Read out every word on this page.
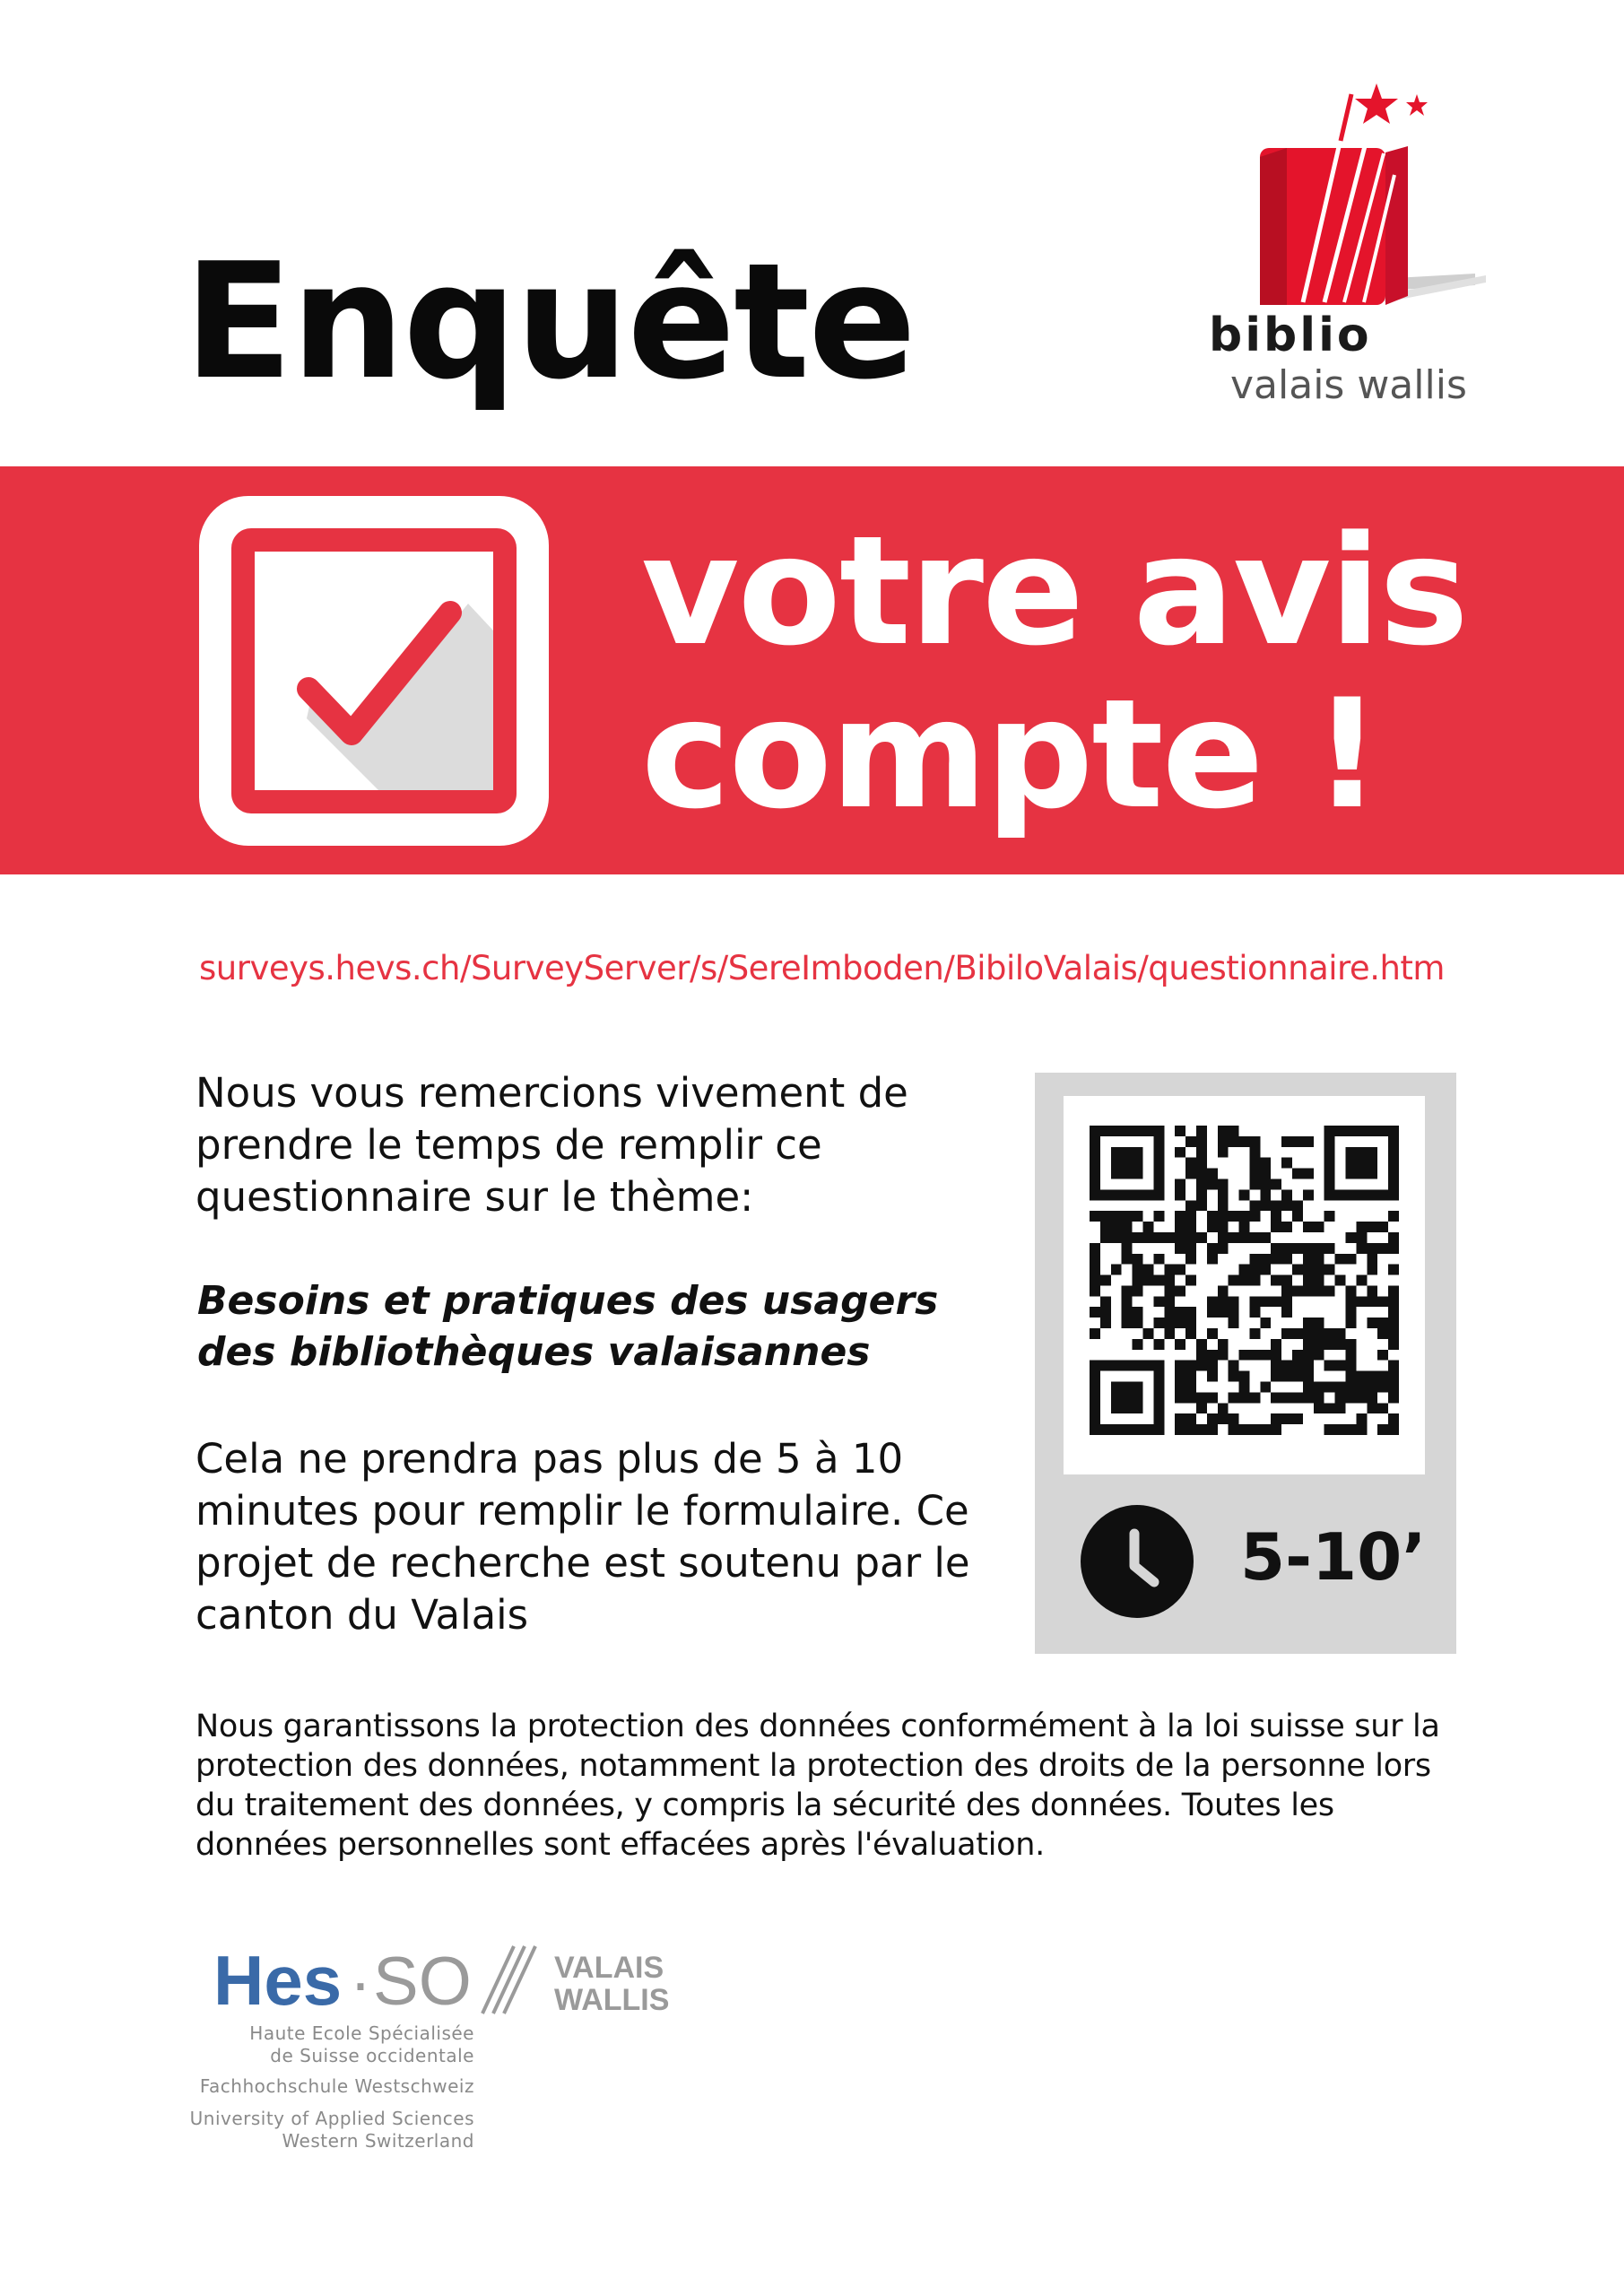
Enquête	biblio
valais wallis
votre avis
compte !
surveys.hevs.ch/SurveyServer/s/SereImboden/BibiloValais/questionnaire.htm
Nous vous remercions vivement de prendre le temps de remplir ce questionnaire sur le thème:
Besoins et pratiques des usagers des bibliothèques valaisannes
Cela ne prendra pas plus de 5 à 10 minutes pour remplir le formulaire. Ce projet de recherche est soutenu par le canton du Valais
5-10’
Nous garantissons la protection des données conformément à la loi suisse sur la protection des données, notamment la protection des droits de la personne lors du traitement des données, y compris la sécurité des données. Toutes les données personnelles sont effacées après l'évaluation.
Hes · SO	VALAIS
WALLIS
Haute Ecole Spécialisée
de Suisse occidentale
Fachhochschule Westschweiz
University of Applied Sciences
Western Switzerland
